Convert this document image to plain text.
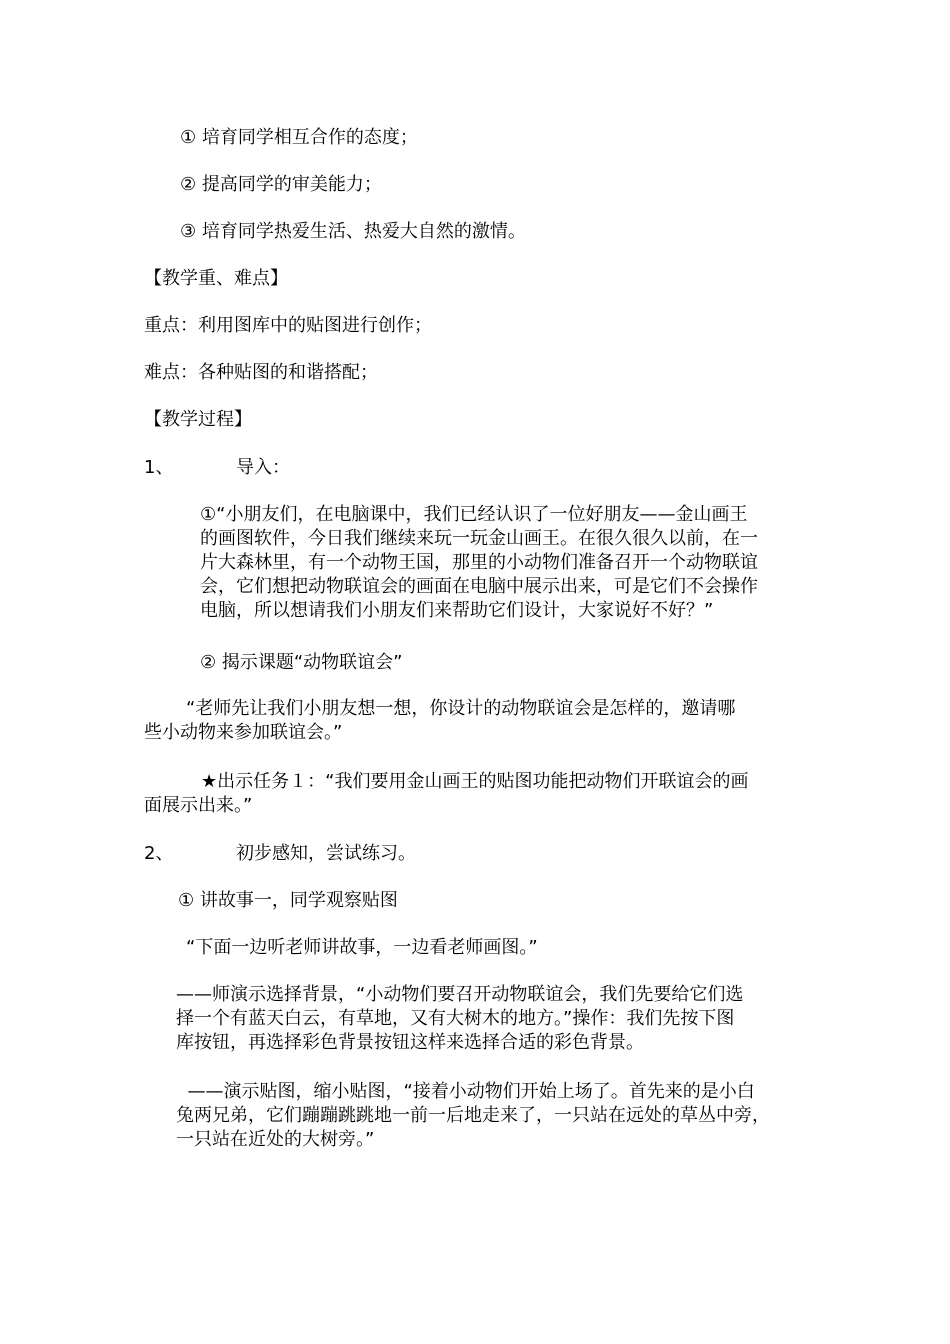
① 培育同学相互合作的态度；

② 提高同学的审美能力；

③ 培育同学热爱生活、热爱大自然的激情。

【教学重、难点】

重点：利用图库中的贴图进行创作；

难点：各种贴图的和谐搭配；

【教学过程】

1、	导入：

①“小朋友们，在电脑课中，我们已经认识了一位好朋友——金山画王
的画图软件，今日我们继续来玩一玩金山画王。在很久很久以前，在一
片大森林里，有一个动物王国，那里的小动物们准备召开一个动物联谊
会，它们想把动物联谊会的画面在电脑中展示出来，可是它们不会操作
电脑，所以想请我们小朋友们来帮助它们设计，大家说好不好？”

② 揭示课题“动物联谊会”

“老师先让我们小朋友想一想，你设计的动物联谊会是怎样的，邀请哪
些小动物来参加联谊会。”
★出示任务１：“我们要用金山画王的贴图功能把动物们开联谊会的画
面展示出来。”

2、	初步感知，尝试练习。

① 讲故事一，同学观察贴图

“下面一边听老师讲故事，一边看老师画图。”

——师演示选择背景，“小动物们要召开动物联谊会，我们先要给它们选
择一个有蓝天白云，有草地，又有大树木的地方。”操作：我们先按下图
库按钮，再选择彩色背景按钮这样来选择合适的彩色背景。
——演示贴图，缩小贴图，“接着小动物们开始上场了。首先来的是小白
兔两兄弟，它们蹦蹦跳跳地一前一后地走来了，一只站在远处的草丛中旁，
一只站在近处的大树旁。”
